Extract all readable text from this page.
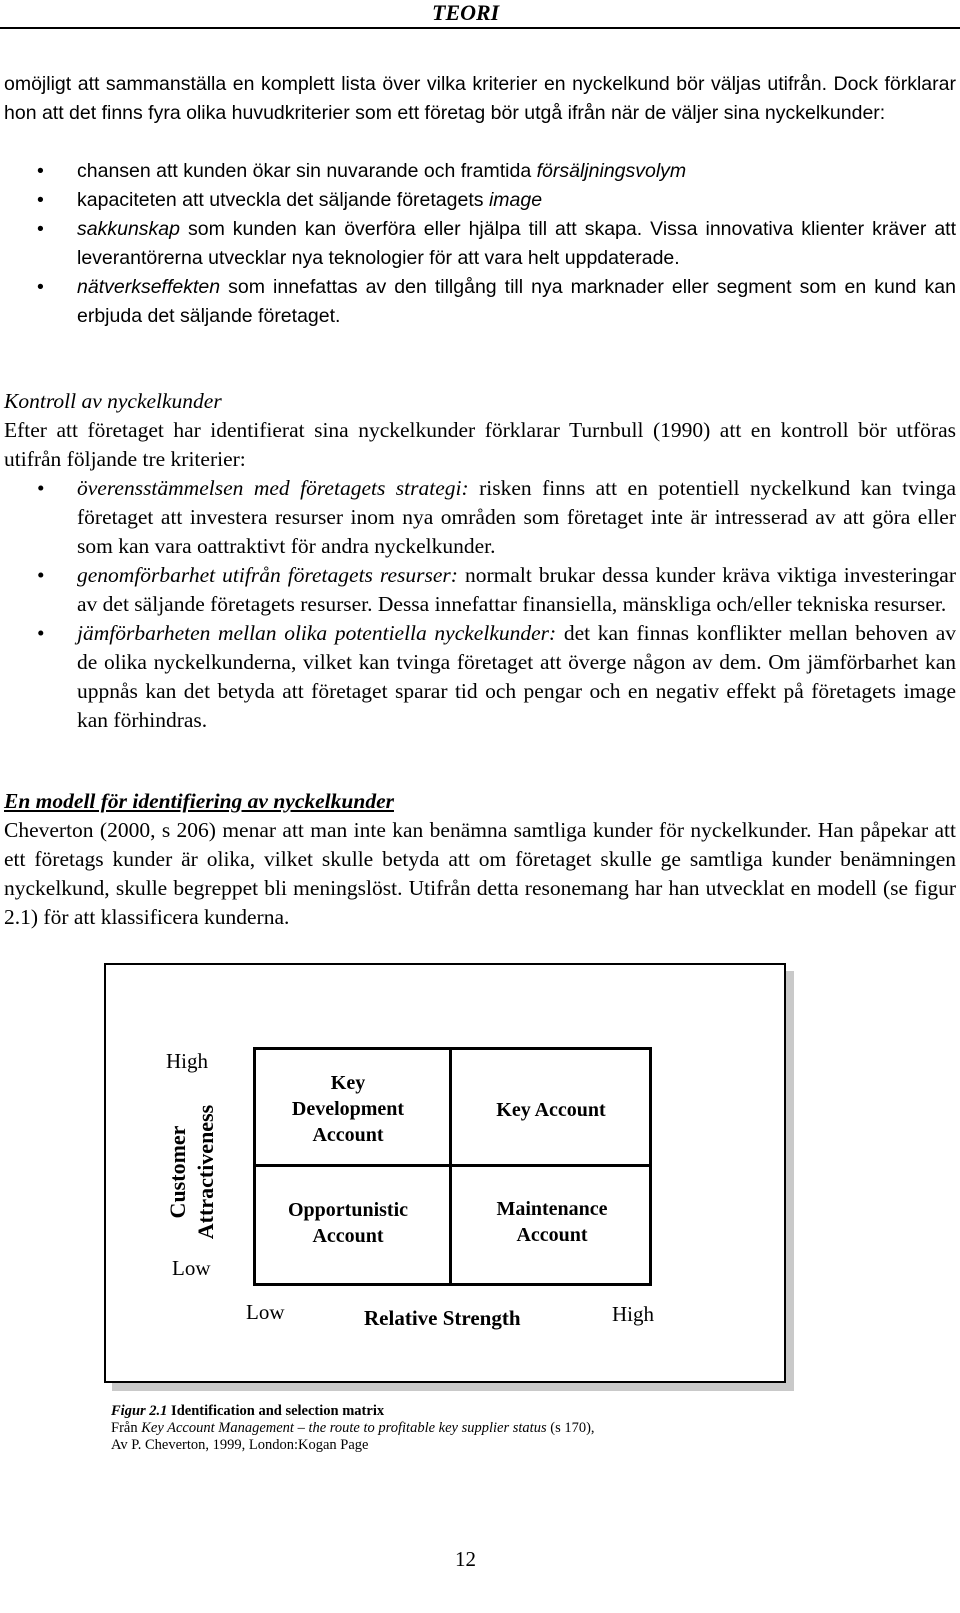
TEORI
omöjligt att sammanställa en komplett lista över vilka kriterier en nyckelkund bör väljas utifrån. Dock förklarar hon att det finns fyra olika huvudkriterier som ett företag bör utgå ifrån när de väljer sina nyckelkunder:
• chansen att kunden ökar sin nuvarande och framtida försäljningsvolym
• kapaciteten att utveckla det säljande företagets image
• sakkunskap som kunden kan överföra eller hjälpa till att skapa. Vissa innovativa klienter kräver att leverantörerna utvecklar nya teknologier för att vara helt uppdaterade.
• nätverkseffekten som innefattas av den tillgång till nya marknader eller segment som en kund kan erbjuda det säljande företaget.
Kontroll av nyckelkunder
Efter att företaget har identifierat sina nyckelkunder förklarar Turnbull (1990) att en kontroll bör utföras utifrån följande tre kriterier:
• överensstämmelsen med företagets strategi: risken finns att en potentiell nyckelkund kan tvinga företaget att investera resurser inom nya områden som företaget inte är intresserad av att göra eller som kan vara oattraktivt för andra nyckelkunder.
• genomförbarhet utifrån företagets resurser: normalt brukar dessa kunder kräva viktiga investeringar av det säljande företagets resurser. Dessa innefattar finansiella, mänskliga och/eller tekniska resurser.
• jämförbarheten mellan olika potentiella nyckelkunder: det kan finnas konflikter mellan behoven av de olika nyckelkunderna, vilket kan tvinga företaget att överge någon av dem. Om jämförbarhet kan uppnås kan det betyda att företaget sparar tid och pengar och en negativ effekt på företagets image kan förhindras.
En modell för identifiering av nyckelkunder
Cheverton (2000, s 206) menar att man inte kan benämna samtliga kunder för nyckelkunder. Han påpekar att ett företags kunder är olika, vilket skulle betyda att om företaget skulle ge samtliga kunder benämningen nyckelkund, skulle begreppet bli meningslöst. Utifrån detta resonemang har han utvecklat en modell (se figur 2.1) för att klassificera kunderna.
High
Low
Customer Attractiveness
Key Development Account
Key Account
Opportunistic Account
Maintenance Account
Low	Relative Strength	High
Figur 2.1 Identification and selection matrix
Från Key Account Management – the route to profitable key supplier status (s 170),
Av P. Cheverton, 1999, London:Kogan Page
12
